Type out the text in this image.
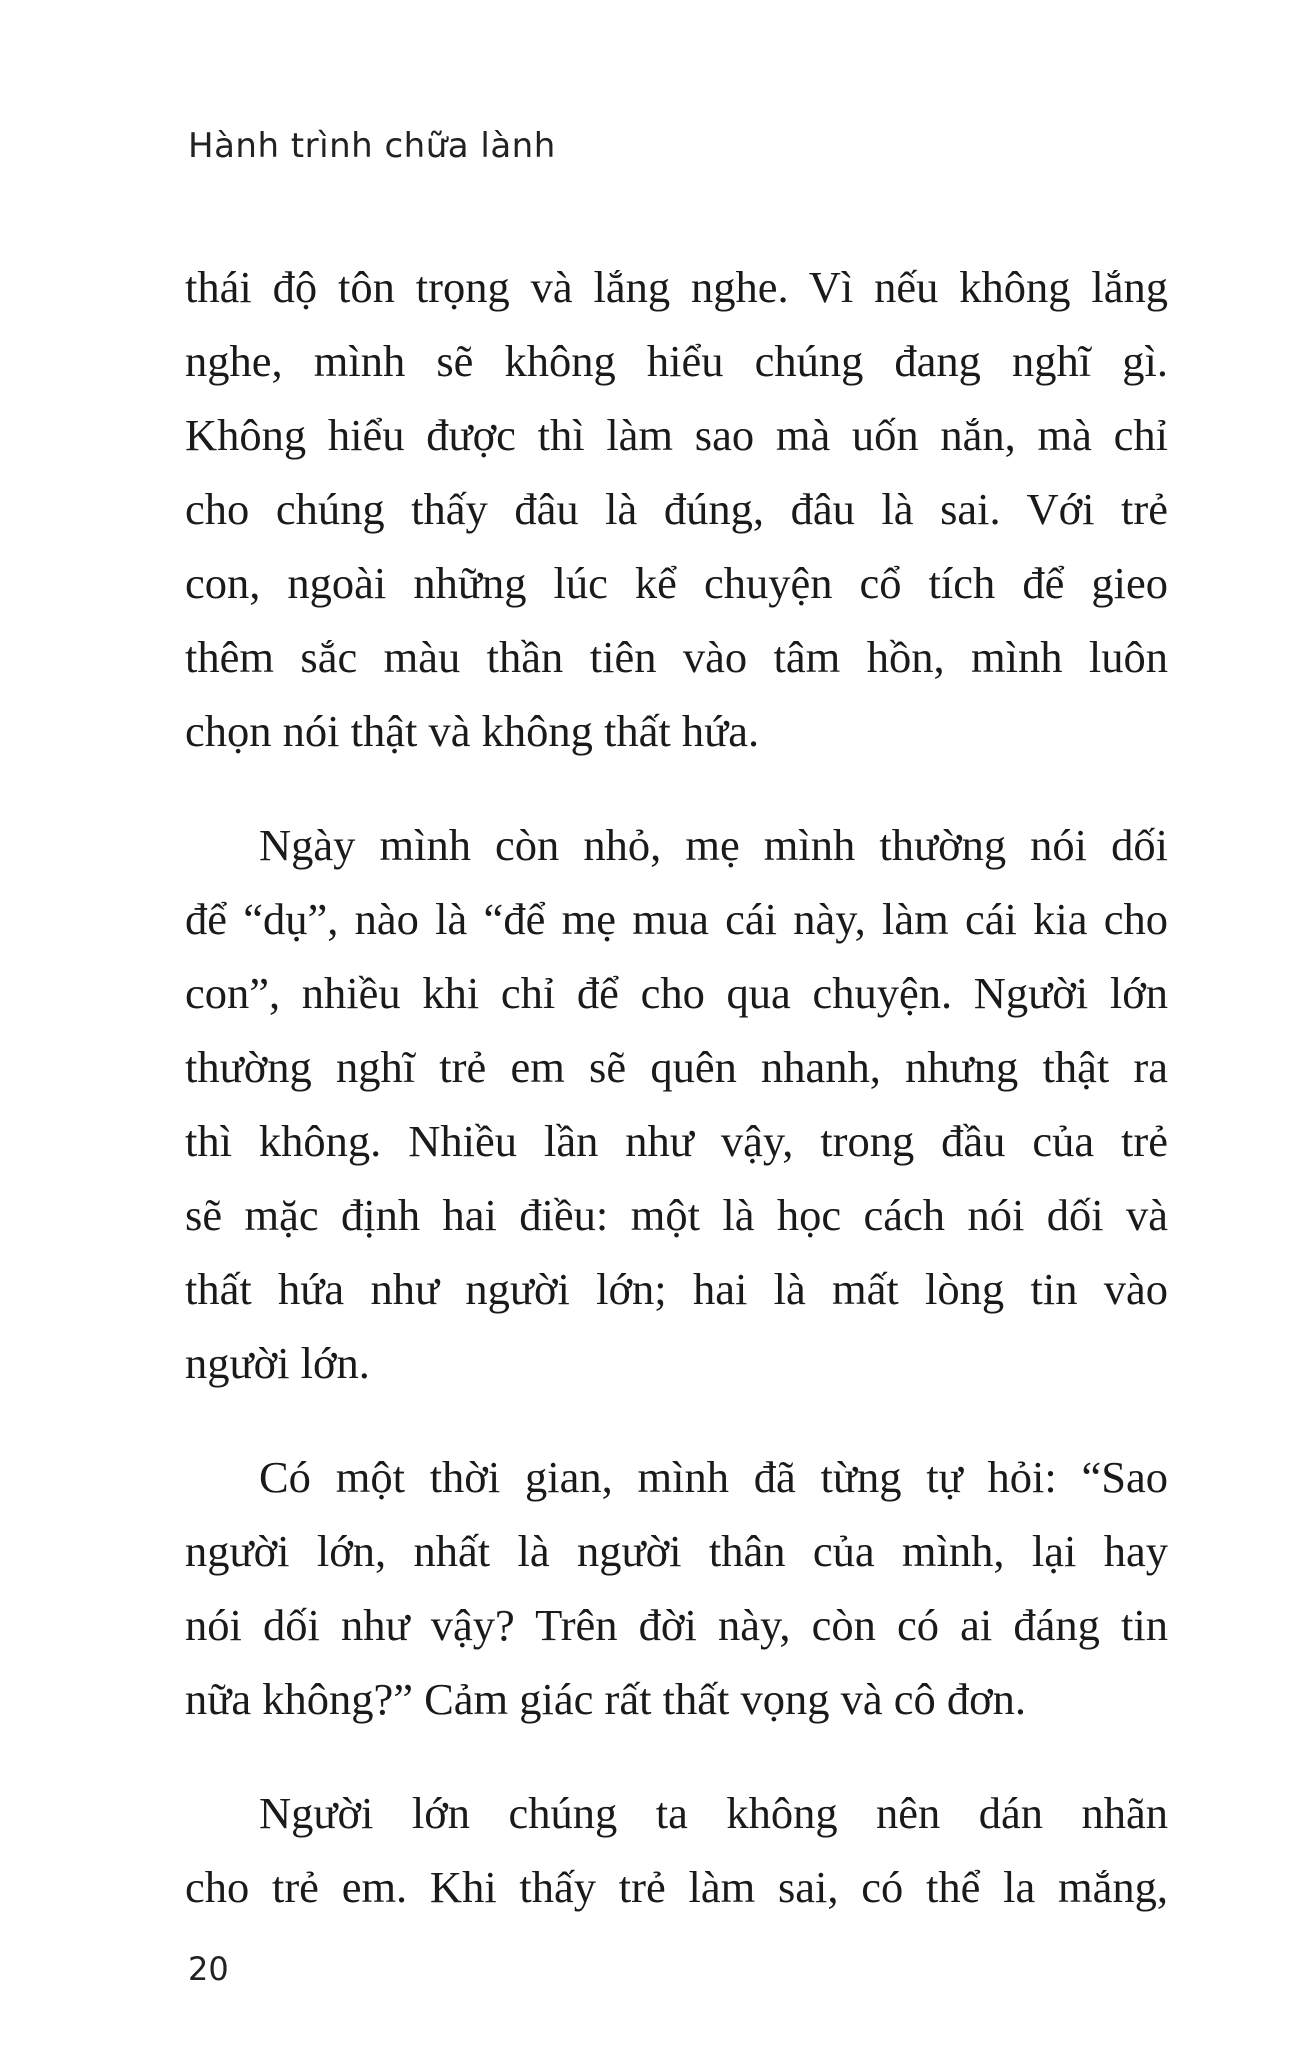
Hành trình chữa lành
thái độ tôn trọng và lắng nghe. Vì nếu không lắng
nghe, mình sẽ không hiểu chúng đang nghĩ gì.
Không hiểu được thì làm sao mà uốn nắn, mà chỉ
cho chúng thấy đâu là đúng, đâu là sai. Với trẻ
con, ngoài những lúc kể chuyện cổ tích để gieo
thêm sắc màu thần tiên vào tâm hồn, mình luôn
chọn nói thật và không thất hứa.
Ngày mình còn nhỏ, mẹ mình thường nói dối
để “dụ”, nào là “để mẹ mua cái này, làm cái kia cho
con”, nhiều khi chỉ để cho qua chuyện. Người lớn
thường nghĩ trẻ em sẽ quên nhanh, nhưng thật ra
thì không. Nhiều lần như vậy, trong đầu của trẻ
sẽ mặc định hai điều: một là học cách nói dối và
thất hứa như người lớn; hai là mất lòng tin vào
người lớn.
Có một thời gian, mình đã từng tự hỏi: “Sao
người lớn, nhất là người thân của mình, lại hay
nói dối như vậy? Trên đời này, còn có ai đáng tin
nữa không?” Cảm giác rất thất vọng và cô đơn.
Người lớn chúng ta không nên dán nhãn
cho trẻ em. Khi thấy trẻ làm sai, có thể la mắng,
20
